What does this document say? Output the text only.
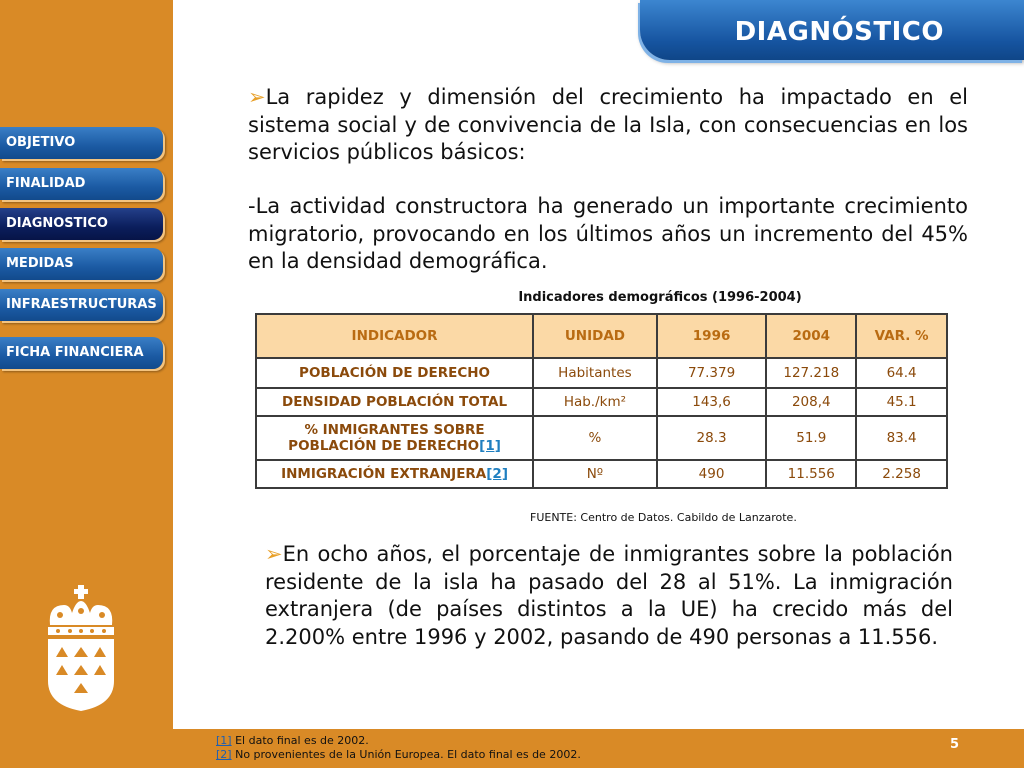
DIAGNÓSTICO
OBJETIVO
FINALIDAD
DIAGNOSTICO
MEDIDAS
INFRAESTRUCTURAS
FICHA FINANCIERA
➢La rapidez y dimensión del crecimiento ha impactado en el sistema social y de convivencia de la Isla, con consecuencias en los servicios públicos básicos:
-La actividad constructora ha generado un importante crecimiento migratorio, provocando en los últimos años un incremento del 45% en la densidad demográfica.
Indicadores demográficos (1996-2004)
INDICADOR	UNIDAD	1996	2004	VAR. %
POBLACIÓN DE DERECHO	Habitantes	77.379	127.218	64.4
DENSIDAD POBLACIÓN TOTAL	Hab./km²	143,6	208,4	45.1
% INMIGRANTES SOBRE POBLACIÓN DE DERECHO[1]	%	28.3	51.9	83.4
INMIGRACIÓN EXTRANJERA[2]	Nº	490	11.556	2.258
FUENTE: Centro de Datos. Cabildo de Lanzarote.
➢En ocho años, el porcentaje de inmigrantes sobre la población residente de la isla ha pasado del 28 al 51%. La inmigración extranjera (de países distintos a la UE) ha crecido más del 2.200% entre 1996 y 2002, pasando de 490 personas a 11.556.
[1] El dato final es de 2002.
[2] No provenientes de la Unión Europea. El dato final es de 2002.
5
